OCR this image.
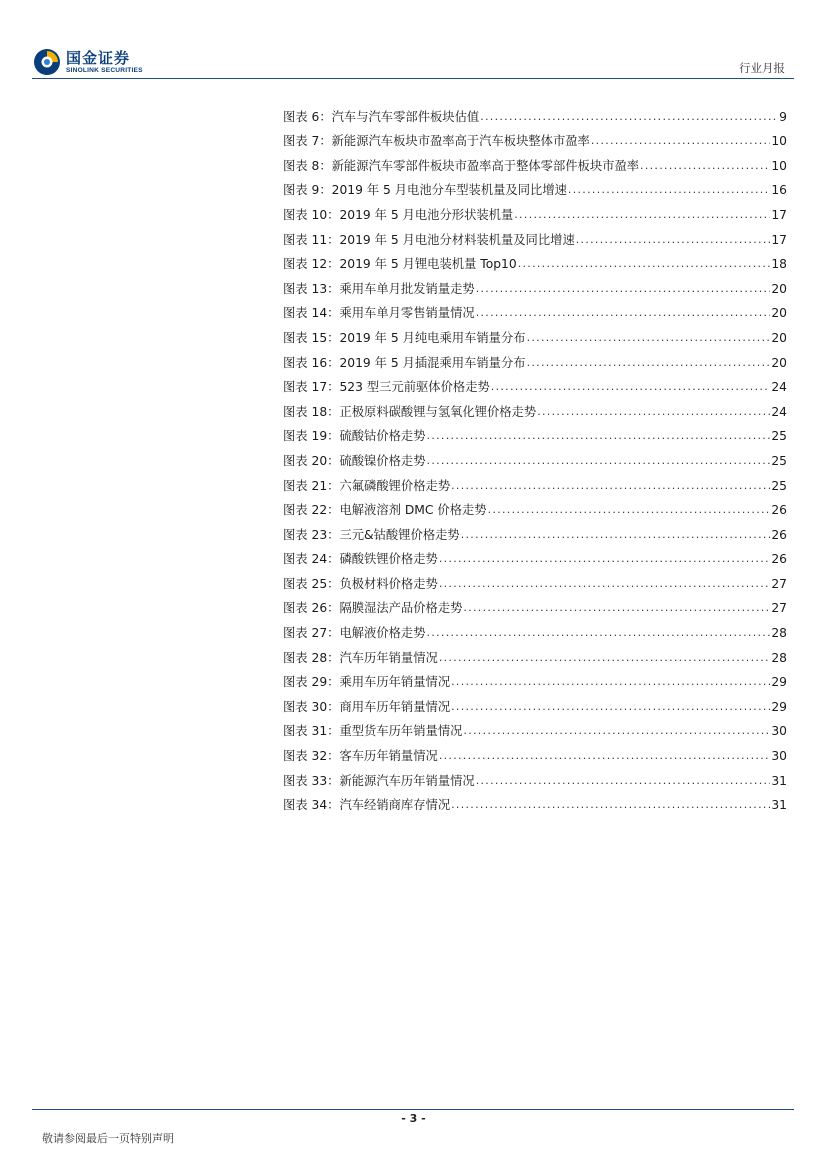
国金证券
SINOLINK SECURITIES	行业月报
图表 6：汽车与汽车零部件板块估值 .....	9
图表 7：新能源汽车板块市盈率高于汽车板块整体市盈率 .....	10
图表 8：新能源汽车零部件板块市盈率高于整体零部件板块市盈率 .....	10
图表 9：2019 年 5 月电池分车型装机量及同比增速 .....	16
图表 10：2019 年 5 月电池分形状装机量 .....	17
图表 11：2019 年 5 月电池分材料装机量及同比增速 .....	17
图表 12：2019 年 5 月锂电装机量 Top10 .....	18
图表 13：乘用车单月批发销量走势 .....	20
图表 14：乘用车单月零售销量情况 .....	20
图表 15：2019 年 5 月纯电乘用车销量分布 .....	20
图表 16：2019 年 5 月插混乘用车销量分布 .....	20
图表 17：523 型三元前驱体价格走势 .....	24
图表 18：正极原料碳酸锂与氢氧化锂价格走势 .....	24
图表 19：硫酸钴价格走势 .....	25
图表 20：硫酸镍价格走势 .....	25
图表 21：六氟磷酸锂价格走势 .....	25
图表 22：电解液溶剂 DMC 价格走势 .....	26
图表 23：三元&钴酸锂价格走势 .....	26
图表 24：磷酸铁锂价格走势 .....	26
图表 25：负极材料价格走势 .....	27
图表 26：隔膜湿法产品价格走势 .....	27
图表 27：电解液价格走势 .....	28
图表 28：汽车历年销量情况 .....	28
图表 29：乘用车历年销量情况 .....	29
图表 30：商用车历年销量情况 .....	29
图表 31：重型货车历年销量情况 .....	30
图表 32：客车历年销量情况 .....	30
图表 33：新能源汽车历年销量情况 .....	31
图表 34：汽车经销商库存情况 .....	31
- 3 -
敬请参阅最后一页特别声明
